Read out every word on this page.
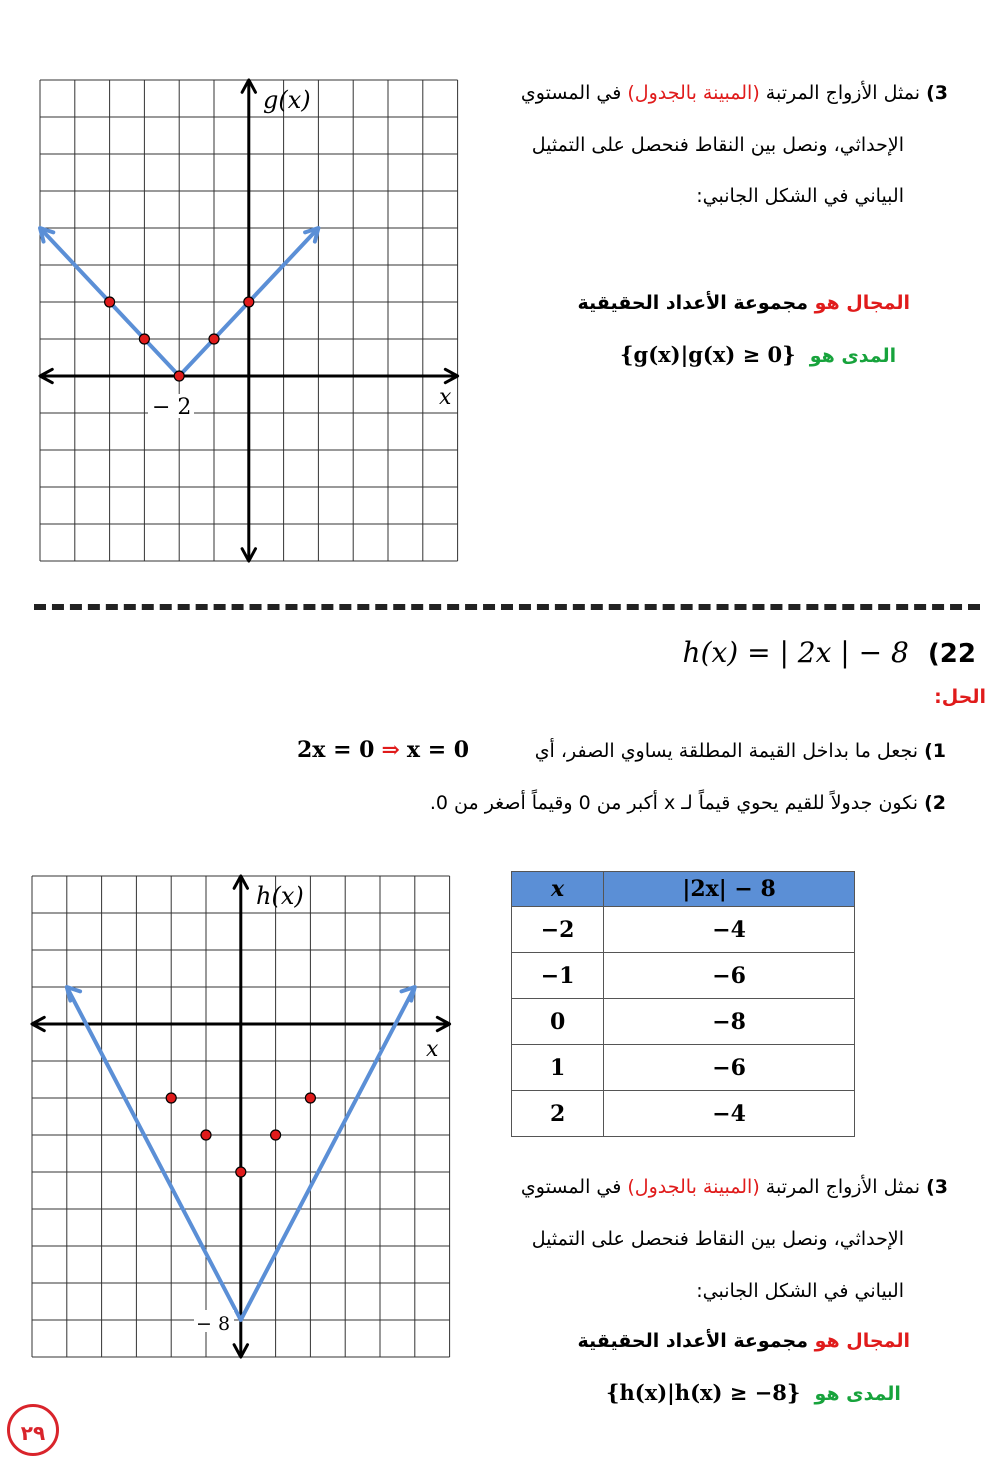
g(x)
x
− 2
3) نمثل الأزواج المرتبة (المبينة بالجدول) في المستوي
الإحداثي، ونصل بين النقاط فنحصل على التمثيل
البياني في الشكل الجانبي:
المجال هو مجموعة الأعداد الحقيقية
{g(x)|g(x) ≥ 0} المدى هو
h(x) = | 2x | − 8 (22
الحل:
1) نجعل ما بداخل القيمة المطلقة يساوي الصفر، أي
2x = 0 ⇒ x = 0
2) نكون جدولاً للقيم يحوي قيماً لـ x أكبر من 0 وقيماً أصغر من 0.
x	|2x| − 8
−2	−4
−1	−6
0	−8
1	−6
2	−4
h(x)
x
− 8
3) نمثل الأزواج المرتبة (المبينة بالجدول) في المستوي
الإحداثي، ونصل بين النقاط فنحصل على التمثيل
البياني في الشكل الجانبي:
المجال هو مجموعة الأعداد الحقيقية
{h(x)|h(x) ≥ −8} المدى هو
٢٩
